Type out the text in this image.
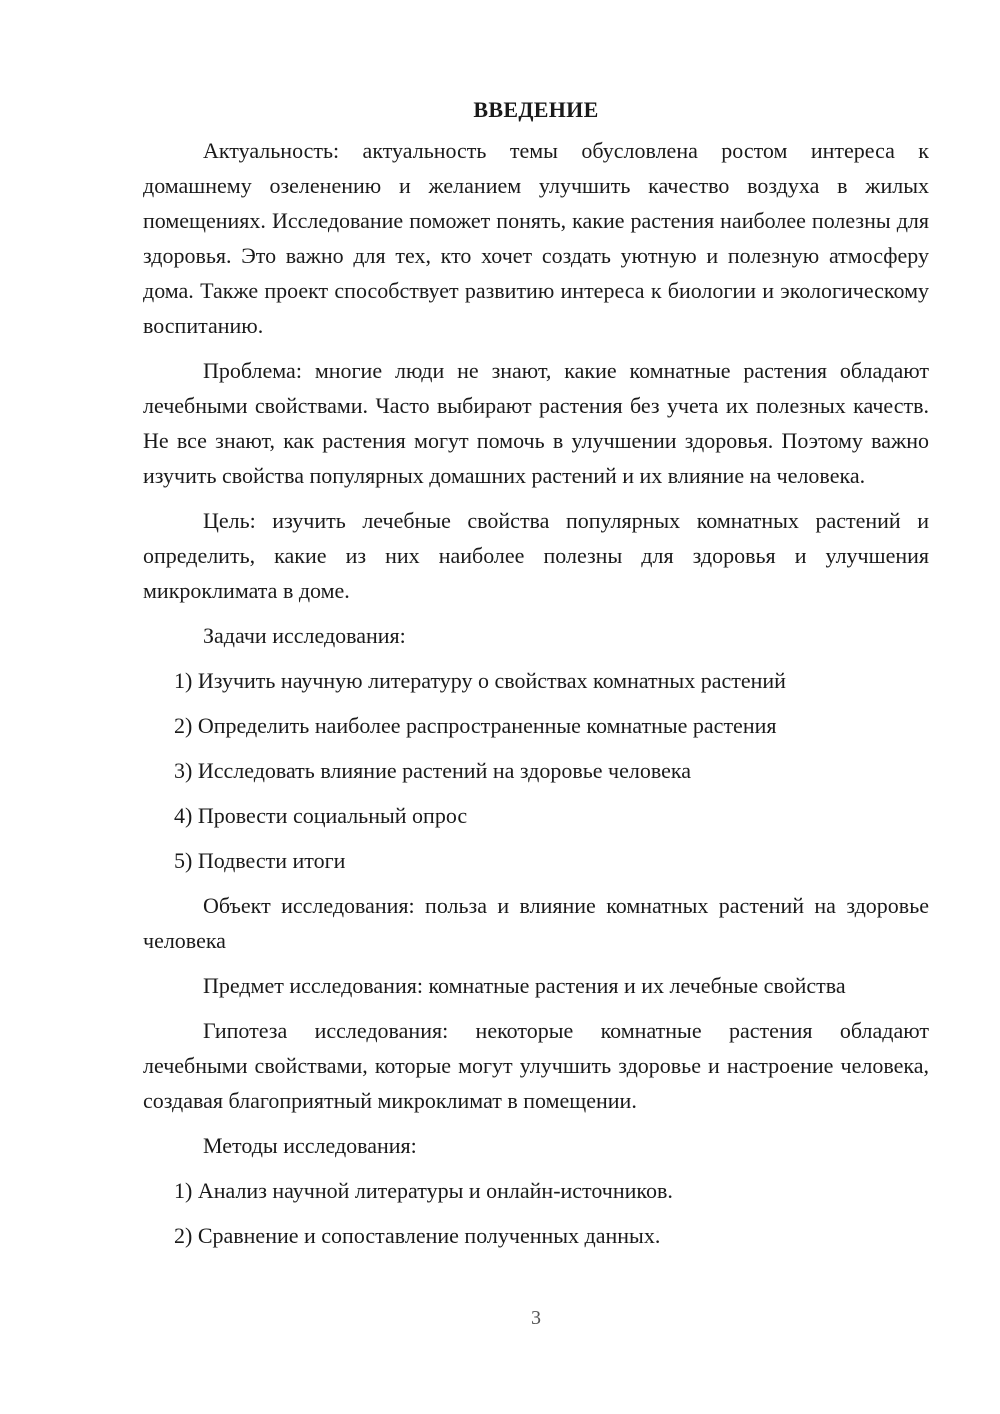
ВВЕДЕНИЕ

Актуальность: актуальность темы обусловлена ростом интереса к домашнему озеленению и желанием улучшить качество воздуха в жилых помещениях. Исследование поможет понять, какие растения наиболее полезны для здоровья. Это важно для тех, кто хочет создать уютную и полезную атмосферу дома. Также проект способствует развитию интереса к биологии и экологическому воспитанию.

Проблема: многие люди не знают, какие комнатные растения обладают лечебными свойствами. Часто выбирают растения без учета их полезных качеств. Не все знают, как растения могут помочь в улучшении здоровья. Поэтому важно изучить свойства популярных домашних растений и их влияние на человека.

Цель: изучить лечебные свойства популярных комнатных растений и определить, какие из них наиболее полезны для здоровья и улучшения микроклимата в доме.

Задачи исследования:
1) Изучить научную литературу о свойствах комнатных растений
2) Определить наиболее распространенные комнатные растения
3) Исследовать влияние растений на здоровье человека
4) Провести социальный опрос
5) Подвести итоги

Объект исследования: польза и влияние комнатных растений на здоровье человека

Предмет исследования: комнатные растения и их лечебные свойства

Гипотеза исследования: некоторые комнатные растения обладают лечебными свойствами, которые могут улучшить здоровье и настроение человека, создавая благоприятный микроклимат в помещении.

Методы исследования:
1) Анализ научной литературы и онлайн-источников.
2) Сравнение и сопоставление полученных данных.
3
